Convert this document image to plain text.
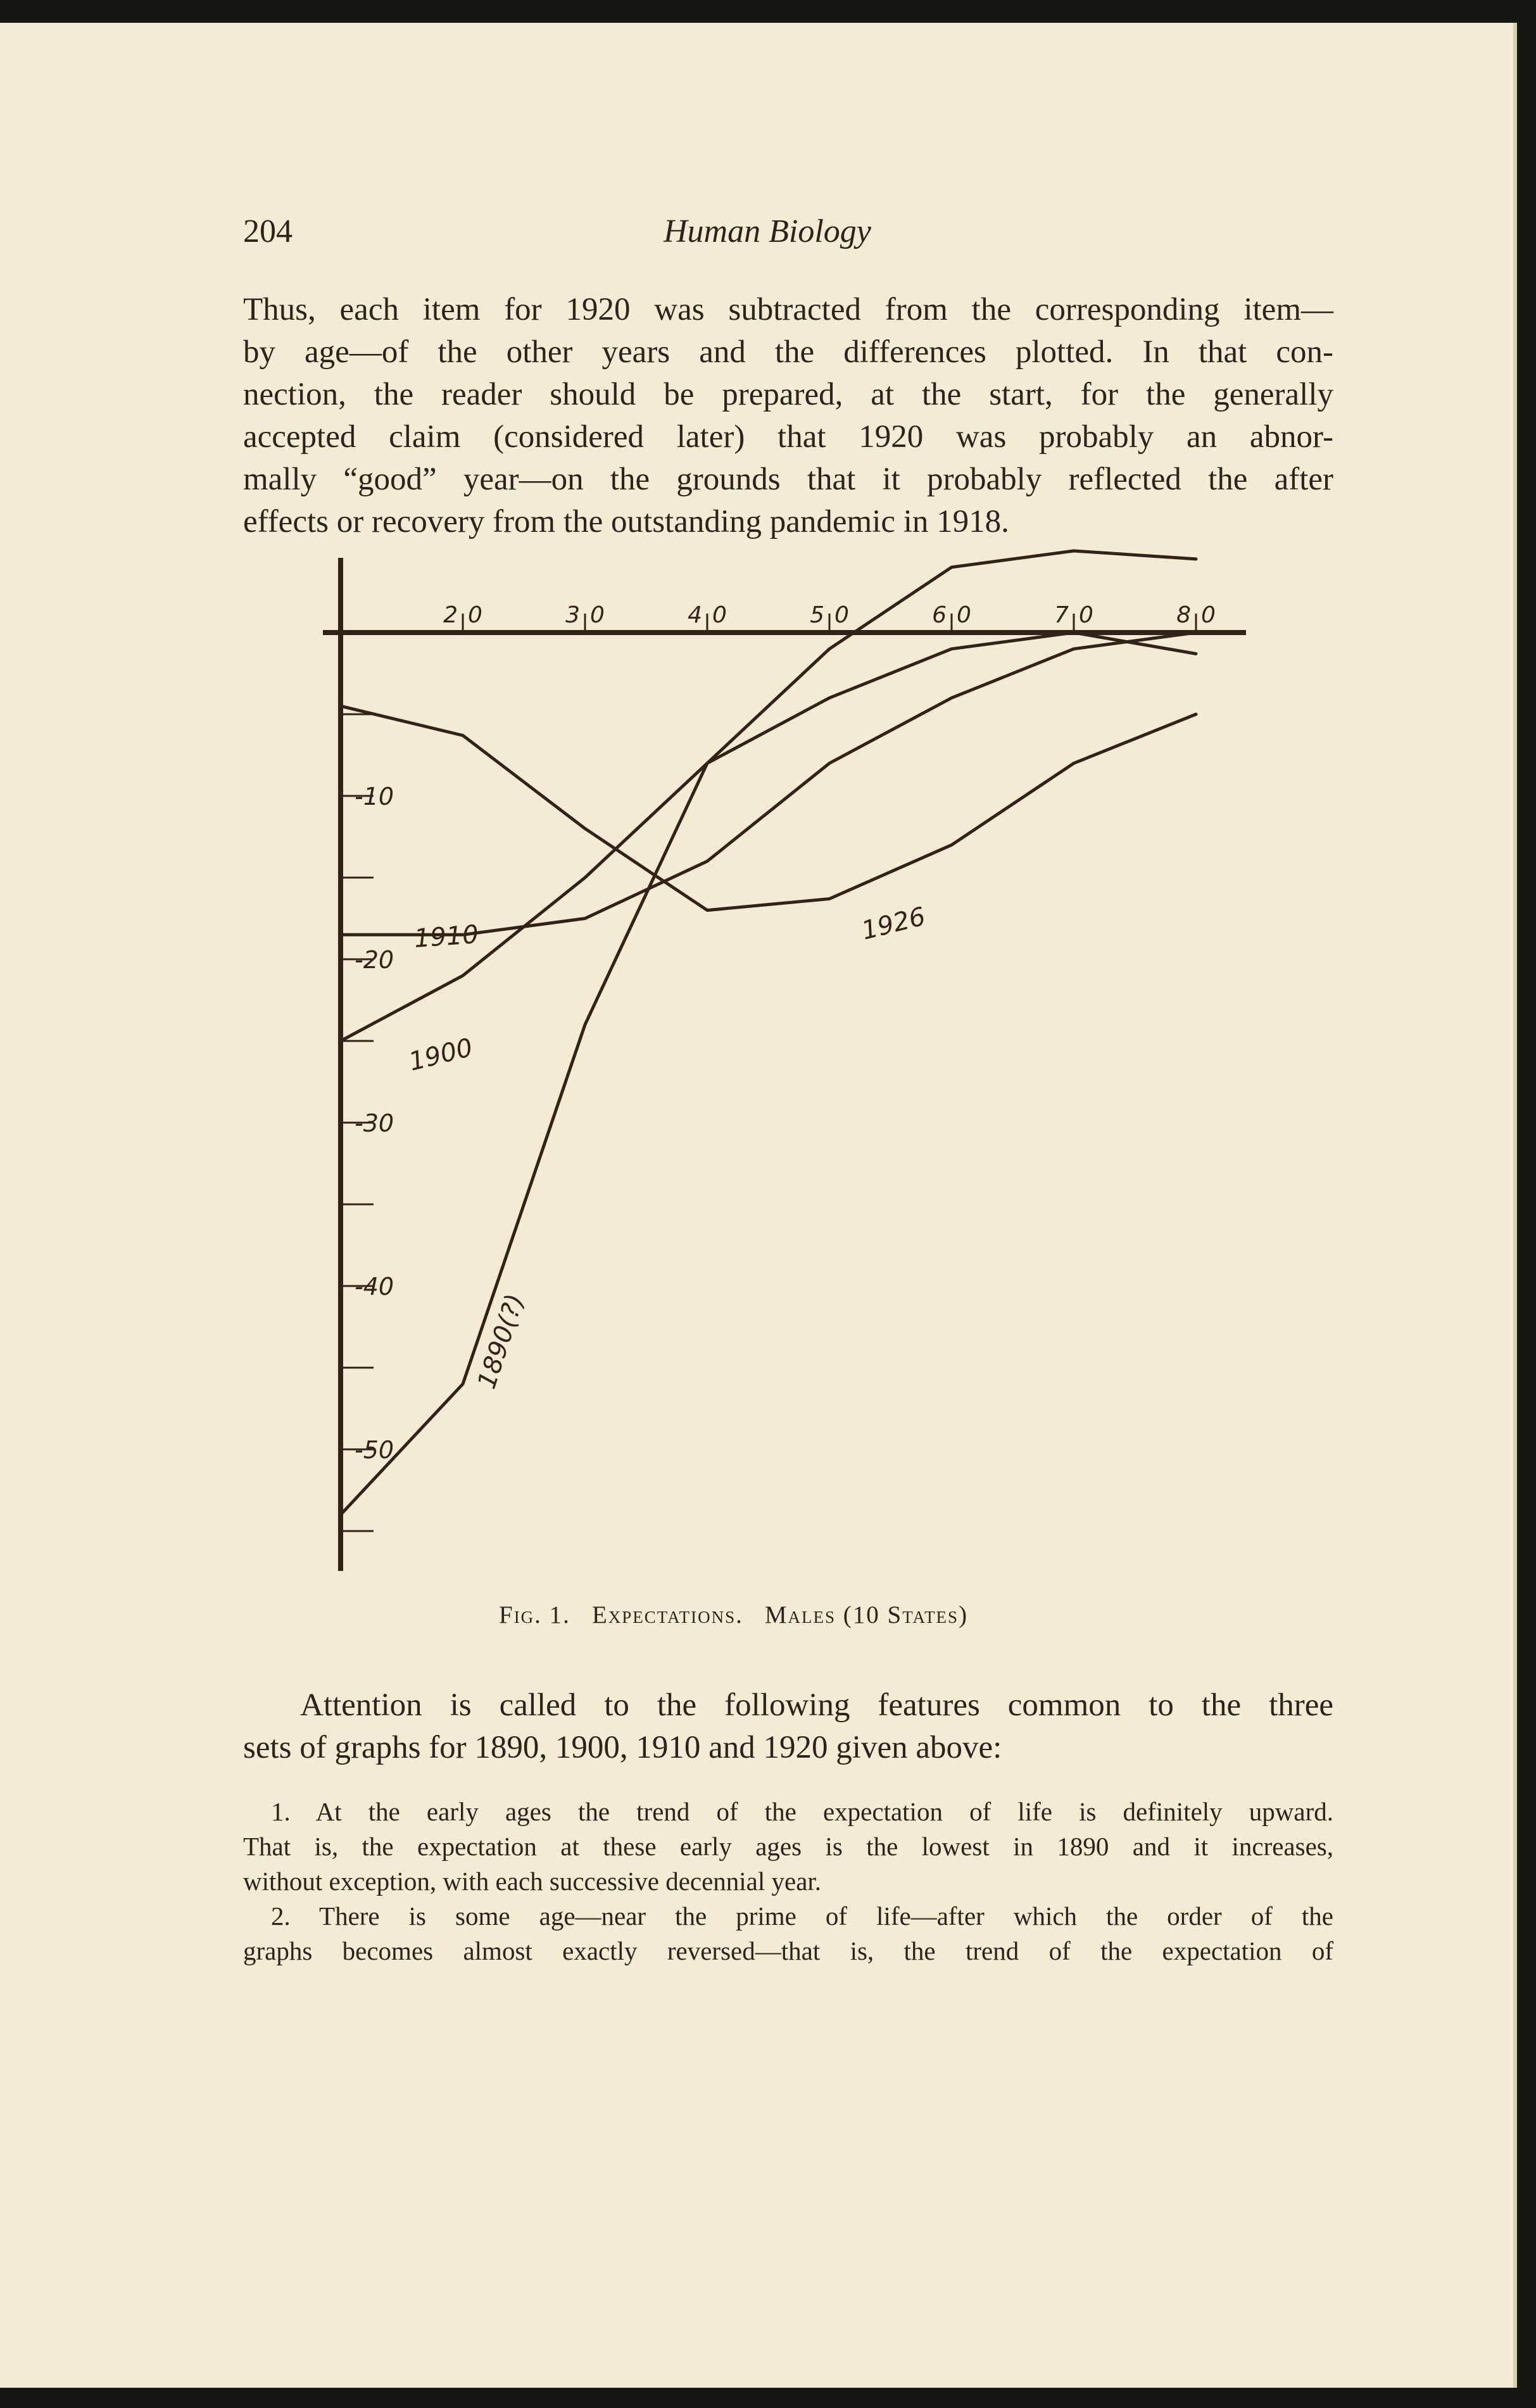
204	Human Biology
Thus, each item for 1920 was subtracted from the corresponding item—
by age—of the other years and the differences plotted. In that con-
nection, the reader should be prepared, at the start, for the generally
accepted claim (considered later) that 1920 was probably an abnor-
mally “good” year—on the grounds that it probably reflected the after
effects or recovery from the outstanding pandemic in 1918.
2 0	3 0	4 0	5 0	6 0	7 0	8 0
-10
-20
-30
-40
-50
1890(?)
1900
1910	1926
Fig. 1. Expectations. Males (10 States)
Attention is called to the following features common to the three
sets of graphs for 1890, 1900, 1910 and 1920 given above:
1. At the early ages the trend of the expectation of life is definitely upward.
That is, the expectation at these early ages is the lowest in 1890 and it increases,
without exception, with each successive decennial year.
2. There is some age—near the prime of life—after which the order of the
graphs becomes almost exactly reversed—that is, the trend of the expectation of
